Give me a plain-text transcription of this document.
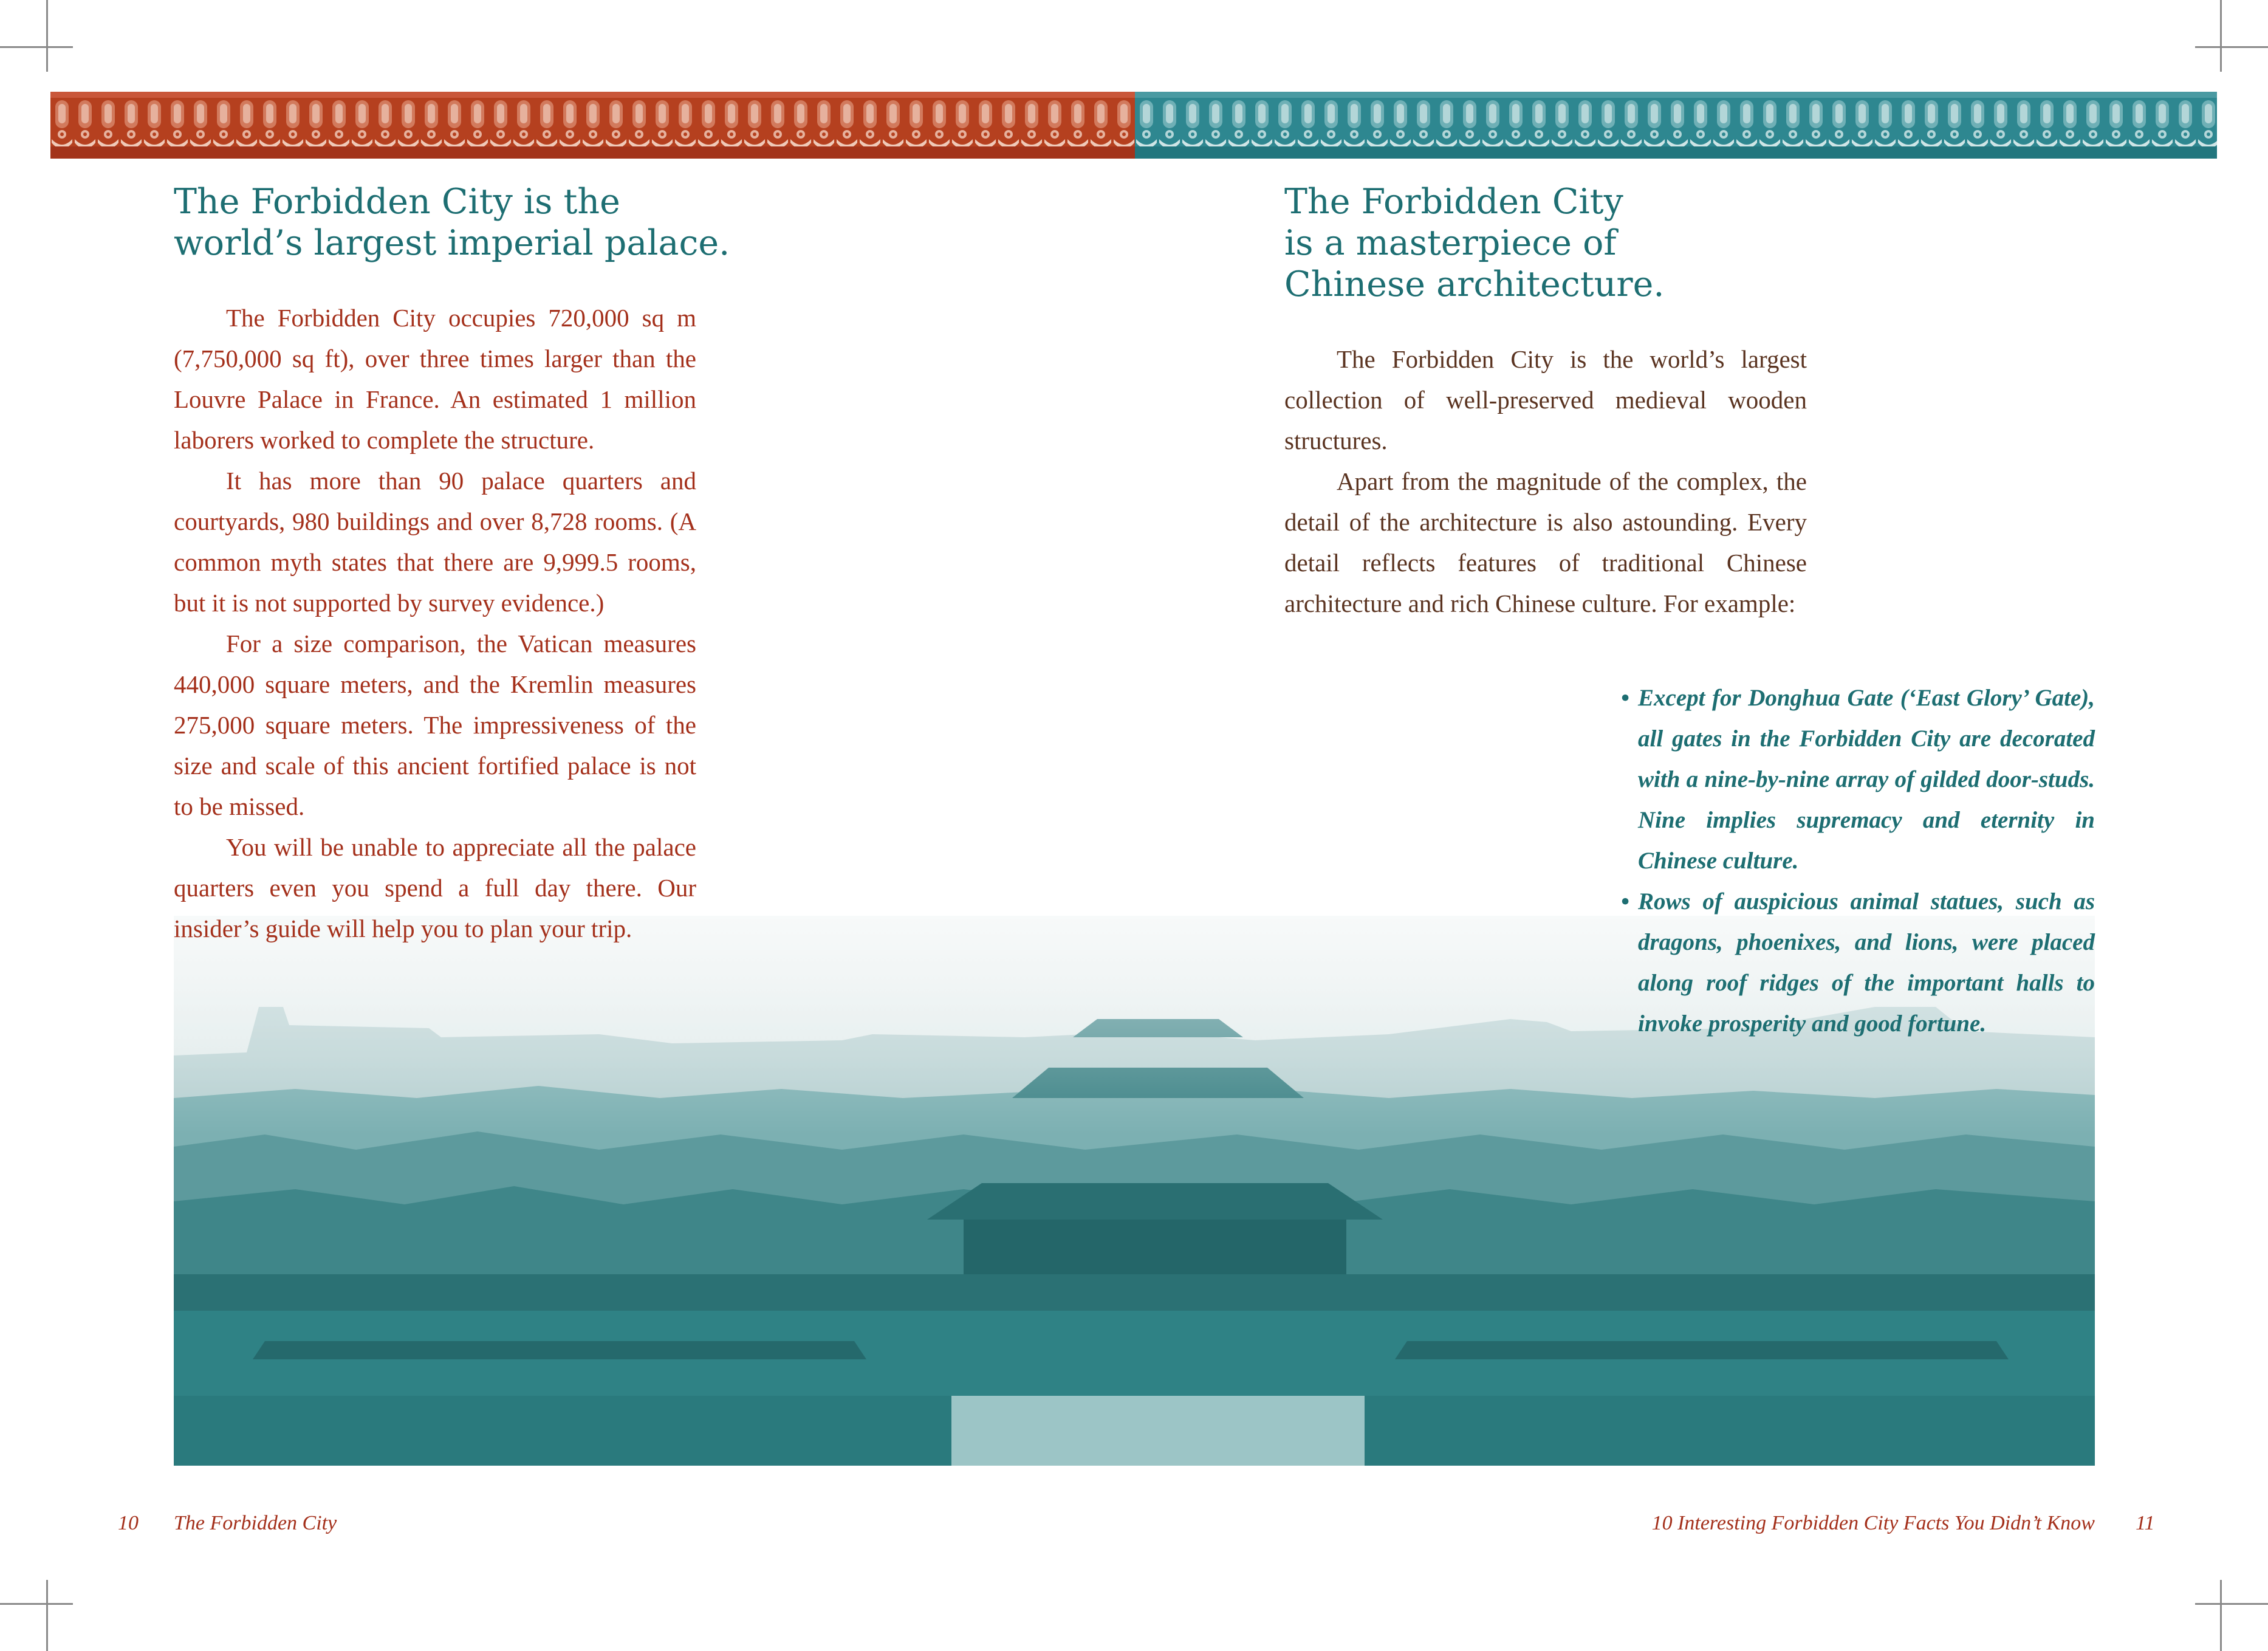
The Forbidden City is the
world’s largest imperial palace.

The Forbidden City occupies 720,000 sq m (7,750,000 sq ft), over three times larger than the Louvre Palace in France. An estimated 1 million laborers worked to complete the structure.

It has more than 90 palace quarters and courtyards, 980 buildings and over 8,728 rooms. (A common myth states that there are 9,999.5 rooms, but it is not supported by survey evidence.)

For a size comparison, the Vatican measures 440,000 square meters, and the Kremlin measures 275,000 square meters. The impressiveness of the size and scale of this ancient fortified palace is not to be missed.

You will be unable to appreciate all the palace quarters even you spend a full day there. Our insider’s guide will help you to plan your trip.

The Forbidden City
is a masterpiece of
Chinese architecture.

The Forbidden City is the world’s largest collection of well-preserved medieval wooden structures.

Apart from the magnitude of the complex, the detail of the architecture is also astounding. Every detail reflects features of traditional Chinese architecture and rich Chinese culture. For example:

• Except for Donghua Gate (‘East Glory’ Gate), all gates in the Forbidden City are decorated with a nine-by-nine array of gilded door-studs. Nine implies supremacy and eternity in Chinese culture.
• Rows of auspicious animal statues, such as dragons, phoenixes, and lions, were placed along roof ridges of the important halls to invoke prosperity and good fortune.
10 The Forbidden City	10 Interesting Forbidden City Facts You Didn’t Know 11
